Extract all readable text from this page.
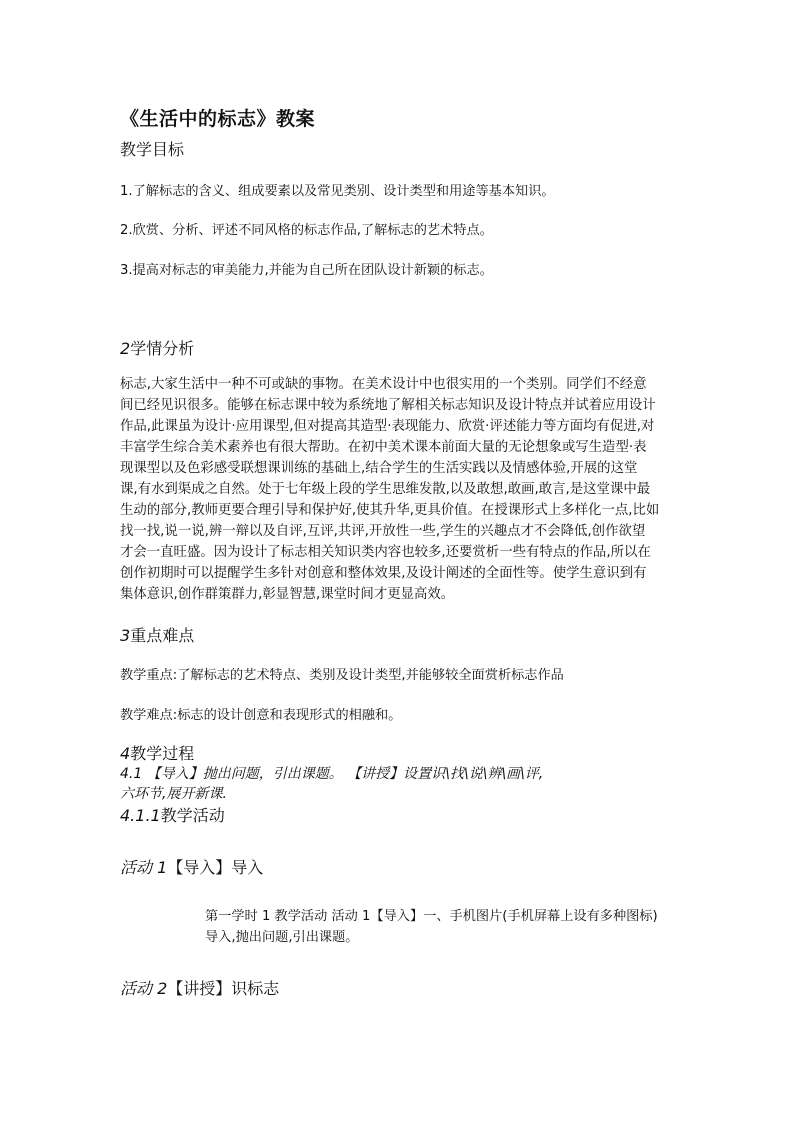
《生活中的标志》教案
教学目标
1.了解标志的含义、组成要素以及常见类别、设计类型和用途等基本知识。
2.欣赏、分析、评述不同风格的标志作品,了解标志的艺术特点。
3.提高对标志的审美能力,并能为自己所在团队设计新颖的标志。
2学情分析
标志,大家生活中一种不可或缺的事物。在美术设计中也很实用的一个类别。同学们不经意
间已经见识很多。能够在标志课中较为系统地了解相关标志知识及设计特点并试着应用设计
作品,此课虽为设计·应用课型,但对提高其造型·表现能力、欣赏·评述能力等方面均有促进,对
丰富学生综合美术素养也有很大帮助。在初中美术课本前面大量的无论想象或写生造型·表
现课型以及色彩感受联想课训练的基础上,结合学生的生活实践以及情感体验,开展的这堂
课,有水到渠成之自然。处于七年级上段的学生思维发散,以及敢想,敢画,敢言,是这堂课中最
生动的部分,教师更要合理引导和保护好,使其升华,更具价值。在授课形式上多样化一点,比如
找一找,说一说,辨一辩以及自评,互评,共评,开放性一些,学生的兴趣点才不会降低,创作欲望
才会一直旺盛。因为设计了标志相关知识类内容也较多,还要赏析一些有特点的作品,所以在
创作初期时可以提醒学生多针对创意和整体效果,及设计阐述的全面性等。使学生意识到有
集体意识,创作群策群力,彰显智慧,课堂时间才更显高效。
3重点难点
教学重点:了解标志的艺术特点、类别及设计类型,并能够较全面赏析标志作品
教学难点:标志的设计创意和表现形式的相融和。
4教学过程
4.1 【导入】抛出问题，引出课题。 【讲授】设置识\找\说\辨\画\评,
六环节,展开新课.
4.1.1教学活动
活动 1【导入】导入
第一学时 1 教学活动 活动 1【导入】一、手机图片(手机屏幕上设有多种图标)
导入,抛出问题,引出课题。
活动 2【讲授】识标志
